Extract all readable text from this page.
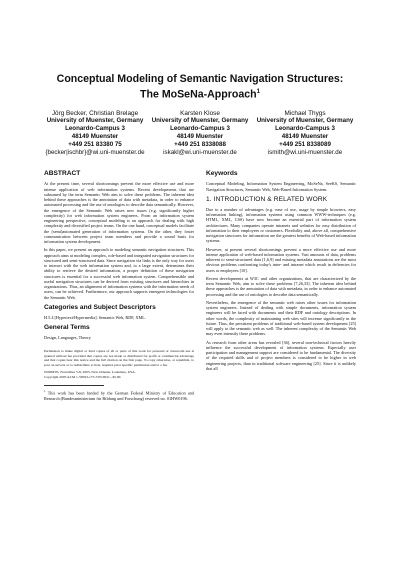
Conceptual Modeling of Semantic Navigation Structures:
The MoSeNa-Approach$^1$
Jörg Becker, Christian Brelage
University of Muenster, Germany
Leonardo-Campus 3
48149 Muenster
+449 251 83380 75
{becker|ischbr}@wi.uni-muenster.de
Karsten Klose
University of Muenster, Germany
Leonardo-Campus 3
48149 Muenster
+449 251 8338088
iskakl@wi.uni-muenster.de
Michael Thygs
University of Muenster, Germany
Leonardo-Campus 3
48149 Muenster
+449 251 8338089
ismith@wi.uni-muenster.de
ABSTRACT

At the present time, several shortcomings prevent the more effective use and more intense application of web information systems. Recent developments that are subsumed by the term Semantic Web aim to solve these problems. The inherent idea behind these approaches is the annotation of data with metadata, in order to enhance automated processing and the use of ontologies to describe data semantically. However, the emergence of the Semantic Web raises new issues (e.g. significantly higher complexity) for web information system engineers. From an information system engineering perspective, conceptual modeling is an approach for dealing with high complexity and diversified project teams. On the one hand, conceptual models facilitate the (semi)automated generation of information systems. On the other, they foster communication between project team members and provide a sound basis for information system development.

In this paper, we present an approach to modeling semantic navigation structures. This approach aims at modeling complex, role-based and integrated navigation structures for structured and semi-structured data. Since navigation via links is the only way for users to interact with the web information system and, to a large extent, determines their ability to retrieve the desired information, a proper definition of these navigation structures is essential for a successful web information system. Comprehensible and useful navigation structures can be derived from existing structures and hierarchies in organizations. Thus, an alignment of information systems with the information needs of users, can be achieved. Furthermore, our approach supports emergent technologies for the Semantic Web.

Categories and Subject Descriptors

H.5.4 [Hypertext/Hypermedia]: Semantic Web, RDF, XML.

General Terms

Design, Languages, Theory

Permission to make digital or hard copies of all or parts of this work for personal or classroom use is granted without fee provided that copies are not made or distributed for profit or commercial advantage and that copies bear this notice and the full citation on the first page. To copy otherwise, or republish, to post on servers or to redistribute to lists, requires prior specific permission and/or a fee.

WIDM'05, November 5-8, 2005, New Orleans, Louisiana, USA.

Copyright 2005 ACM 1-59593-175-7/05/0011...$5.00.

$^1$ This work has been funded by the German Federal Ministry of Education and Research (Bundesministerium für Bildung und Forschung) reserved no. 01HW0196.

Keywords

Conceptual Modeling, Information System Engineering, MoSeNa, SeeKS, Semantic Navigation Structures, Semantic Web, Web-Based Information System.

1. INTRODUCTION & RELATED WORK

Due to a number of advantages (e.g. ease of use, usage by simple browsers, easy information linking), information systems using common WWW-techniques (e.g. HTML, XML, CSS) have now become an essential part of information system architectures. Many companies operate intranets and websites for easy distribution of information to their employees or customers. Flexibility and, above all, comprehensive navigation structures for information are the greatest benefits of Web-based information systems.

However, at present several shortcomings prevent a more effective use and more intense application of web-based information systems. Vast amounts of data, problems inherent to semi-structured data [1,6,9] and missing metadata annotations are the most obvious problems confronting today's inter- and intranet which result in defiencies for users or employees [10].

Recent developments at W3C and other organizations, that are characterized by the term Semantic Web, aim to solve these problems [7,26,33]. The inherent idea behind these approaches is the annotation of data with metadata, in order to enhance automated processing and the use of ontologies to describe data semantically.

Nevertheless, the emergence of the semantic web raises other issues for information system engineers. Instead of dealing with simple documents, information system engineers will be faced with documents and their RDF and ontology descriptions. In other words, the complexity of maintaining web sites will increase significantly in the future. Thus, the persistent problems of traditional web-based system development [25] will apply to the semantic web as well. The inherent complexity of the Semantic Web may even intensify these problems.

As research from other areas has revealed [36], several non-technical factors heavily influence the successful development of information systems. Especially user participation and management support are considered to be fundamental. The diversity of the required skills and of project members is considered to be higher in web engineering projects, than in traditional software engineering [25]. Since it is unlikely that all
